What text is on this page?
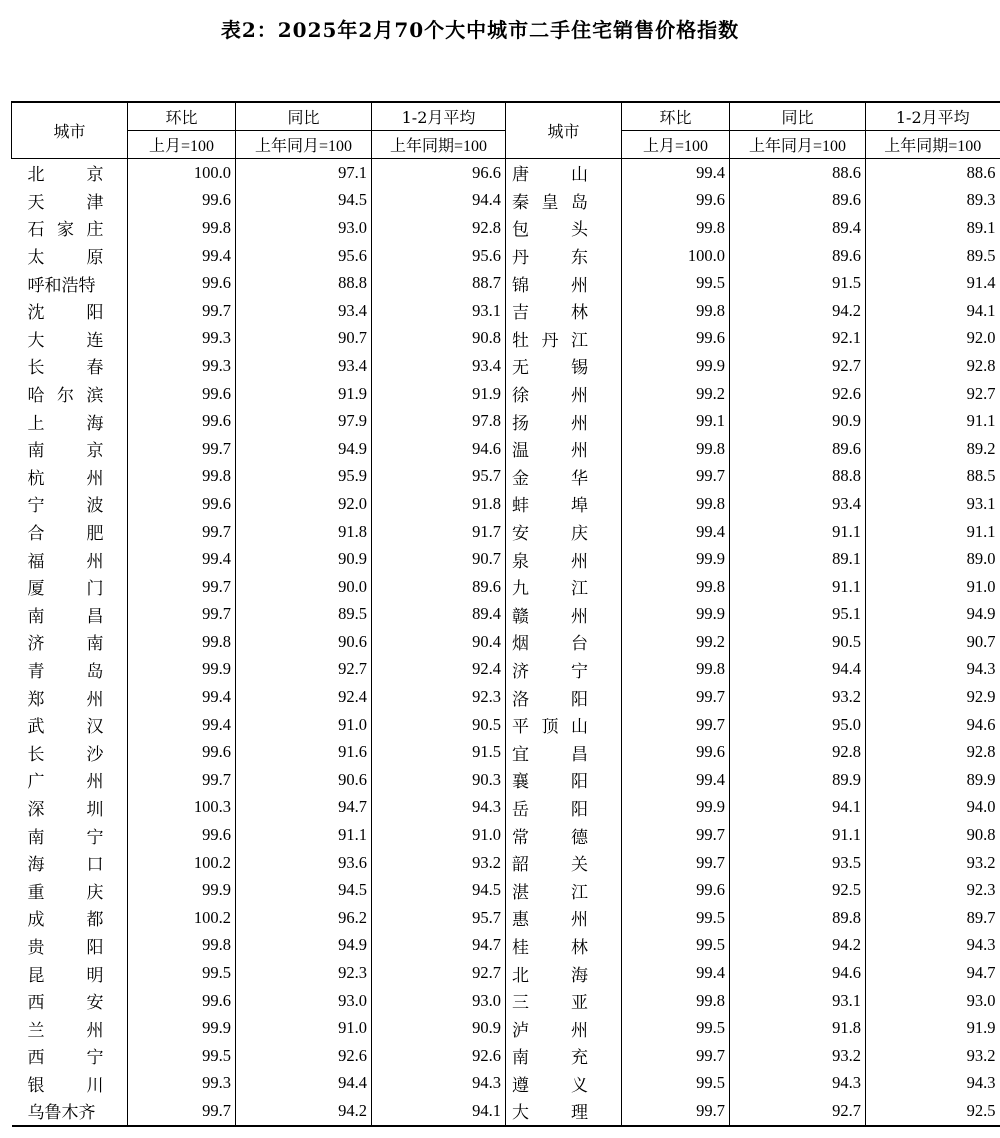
表2：2025年2月70个大中城市二手住宅销售价格指数
城市	环比	同比	1-2月平均	城市	环比	同比	1-2月平均
	上月=100	上年同月=100	上年同期=100		上月=100	上年同月=100	上年同期=100

北 京	100.0	97.1	96.6	唐 山	99.4	88.6	88.6

天 津	99.6	94.5	94.4	秦 皇 岛	99.6	89.6	89.3

石 家 庄	99.8	93.0	92.8	包 头	99.8	89.4	89.1

太 原	99.4	95.6	95.6	丹 东	100.0	89.6	89.5

呼和浩特	99.6	88.8	88.7	锦 州	99.5	91.5	91.4

沈 阳	99.7	93.4	93.1	吉 林	99.8	94.2	94.1

大 连	99.3	90.7	90.8	牡 丹 江	99.6	92.1	92.0

长 春	99.3	93.4	93.4	无 锡	99.9	92.7	92.8

哈 尔 滨	99.6	91.9	91.9	徐 州	99.2	92.6	92.7

上 海	99.6	97.9	97.8	扬 州	99.1	90.9	91.1

南 京	99.7	94.9	94.6	温 州	99.8	89.6	89.2

杭 州	99.8	95.9	95.7	金 华	99.7	88.8	88.5

宁 波	99.6	92.0	91.8	蚌 埠	99.8	93.4	93.1

合 肥	99.7	91.8	91.7	安 庆	99.4	91.1	91.1

福 州	99.4	90.9	90.7	泉 州	99.9	89.1	89.0

厦 门	99.7	90.0	89.6	九 江	99.8	91.1	91.0

南 昌	99.7	89.5	89.4	赣 州	99.9	95.1	94.9

济 南	99.8	90.6	90.4	烟 台	99.2	90.5	90.7

青 岛	99.9	92.7	92.4	济 宁	99.8	94.4	94.3

郑 州	99.4	92.4	92.3	洛 阳	99.7	93.2	92.9

武 汉	99.4	91.0	90.5	平 顶 山	99.7	95.0	94.6

长 沙	99.6	91.6	91.5	宜 昌	99.6	92.8	92.8

广 州	99.7	90.6	90.3	襄 阳	99.4	89.9	89.9

深 圳	100.3	94.7	94.3	岳 阳	99.9	94.1	94.0

南 宁	99.6	91.1	91.0	常 德	99.7	91.1	90.8

海 口	100.2	93.6	93.2	韶 关	99.7	93.5	93.2

重 庆	99.9	94.5	94.5	湛 江	99.6	92.5	92.3

成 都	100.2	96.2	95.7	惠 州	99.5	89.8	89.7

贵 阳	99.8	94.9	94.7	桂 林	99.5	94.2	94.3

昆 明	99.5	92.3	92.7	北 海	99.4	94.6	94.7

西 安	99.6	93.0	93.0	三 亚	99.8	93.1	93.0

兰 州	99.9	91.0	90.9	泸 州	99.5	91.8	91.9

西 宁	99.5	92.6	92.6	南 充	99.7	93.2	93.2

银 川	99.3	94.4	94.3	遵 义	99.5	94.3	94.3

乌鲁木齐	99.7	94.2	94.1	大 理	99.7	92.7	92.5
